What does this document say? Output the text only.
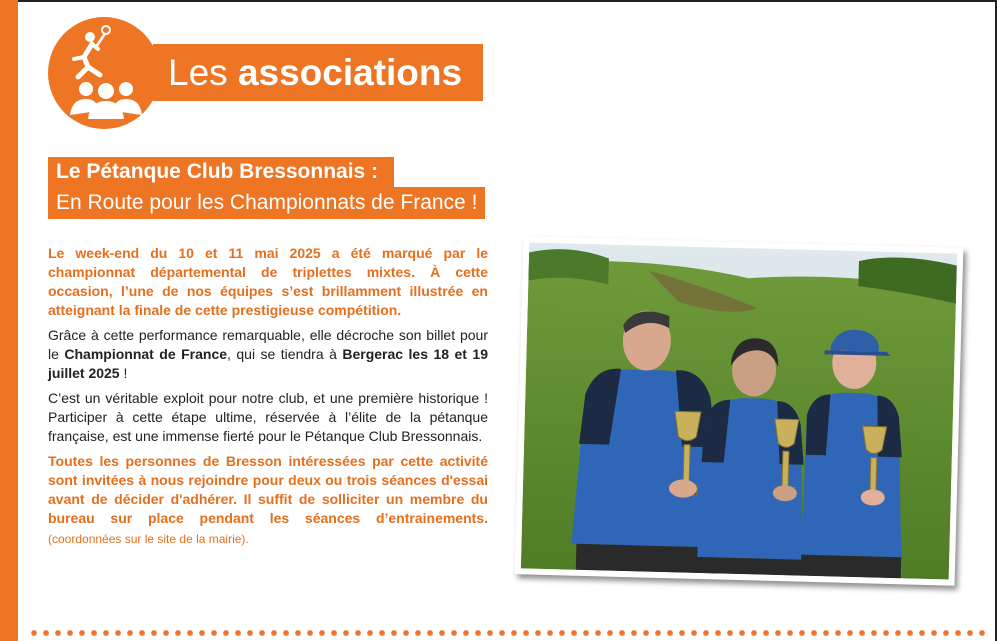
Les associations
Le Pétanque Club Bressonnais :
En Route pour les Championnats de France !

Le week-end du 10 et 11 mai 2025 a été marqué par le championnat départemental de triplettes mixtes. À cette occasion, l’une de nos équipes s’est brillamment illustrée en atteignant la finale de cette prestigieuse compétition.

Grâce à cette performance remarquable, elle décroche son billet pour le Championnat de France, qui se tiendra à Bergerac les 18 et 19 juillet 2025 !

C’est un véritable exploit pour notre club, et une première historique ! Participer à cette étape ultime, réservée à l’élite de la pétanque française, est une immense fierté pour le Pétanque Club Bressonnais.

Toutes les personnes de Bresson intéressées par cette activité sont invitées à nous rejoindre pour deux ou trois séances d'essai avant de décider d'adhérer. Il suffit de solliciter un membre du bureau sur place pendant les séances d’entrainements. (coordonnées sur le site de la mairie).
